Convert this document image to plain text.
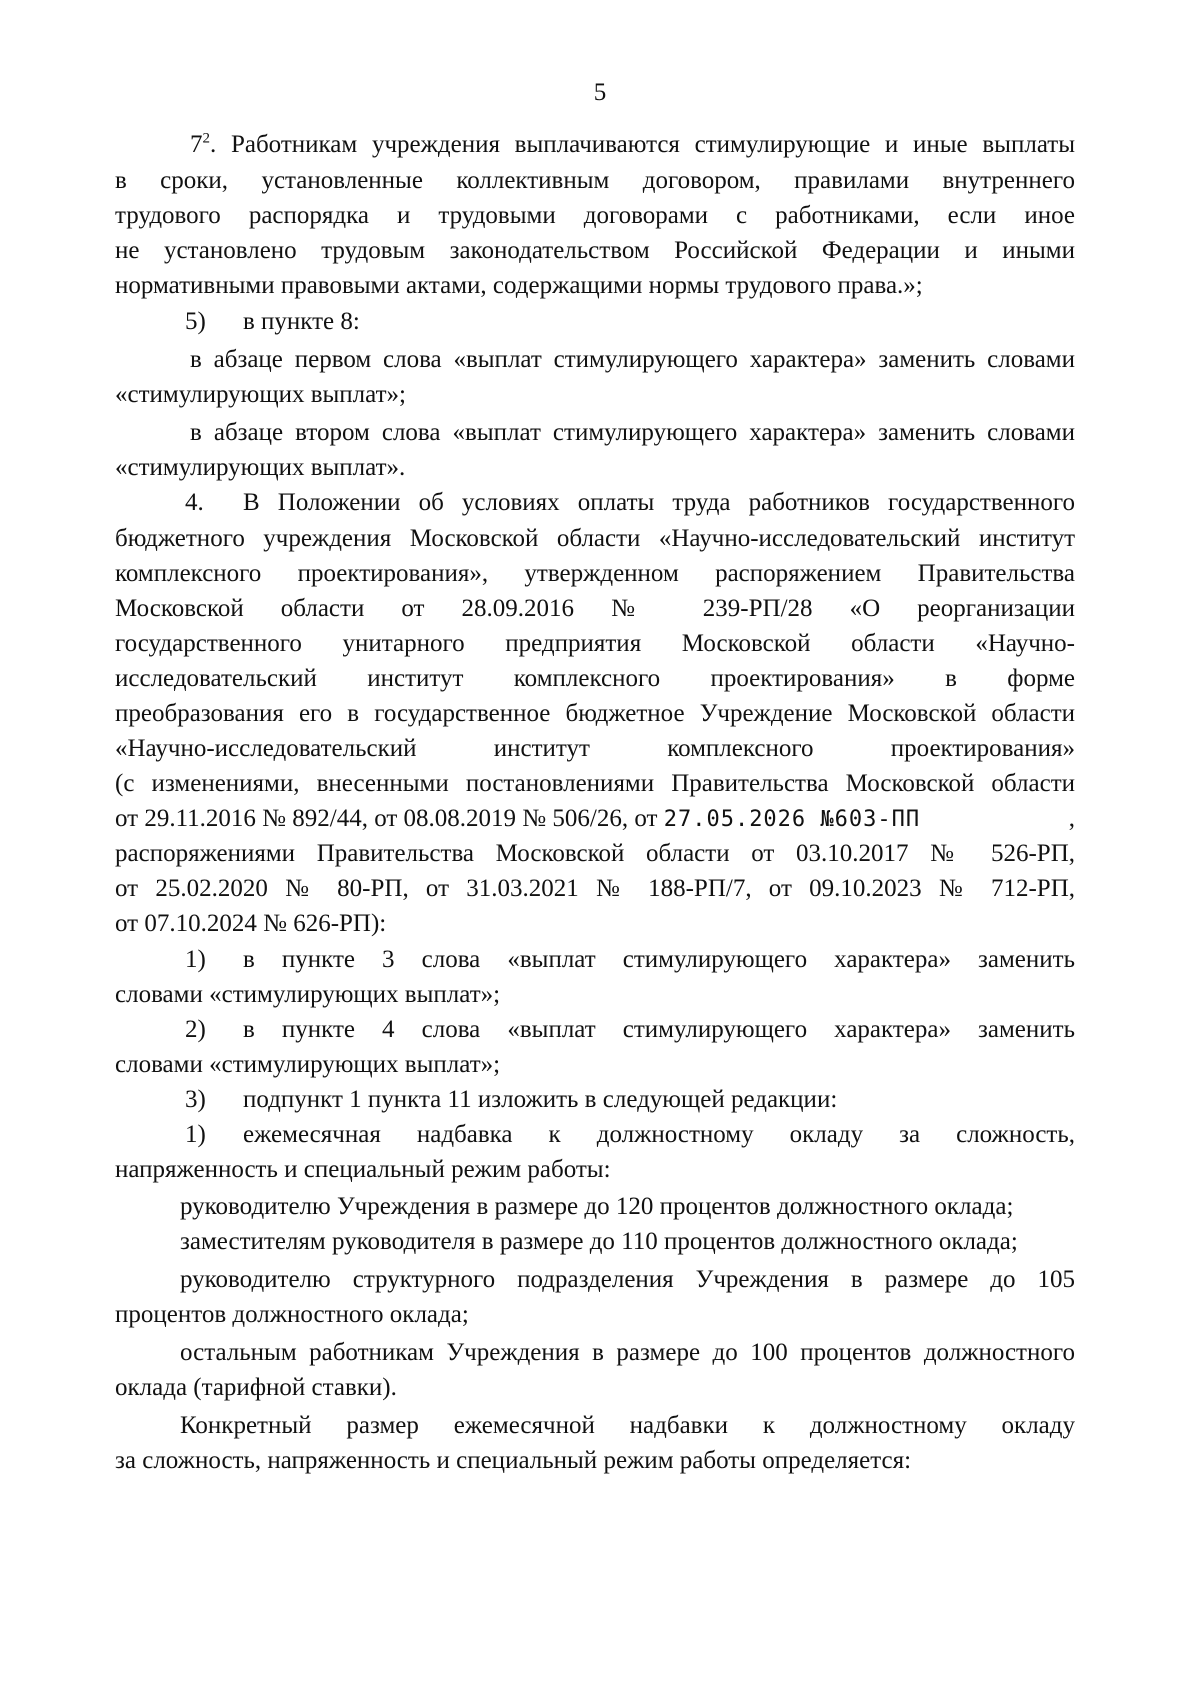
5
$7^2$. Работникам учреждения выплачиваются стимулирующие и иные выплаты
в сроки, установленные коллективным договором, правилами внутреннего
трудового распорядка и трудовыми договорами с работниками, если иное
не установлено трудовым законодательством Российской Федерации и иными
нормативными правовыми актами, содержащими нормы трудового права.»;
5) в пункте 8:
в абзаце первом слова «выплат стимулирующего характера» заменить словами
«стимулирующих выплат»;
в абзаце втором слова «выплат стимулирующего характера» заменить словами
«стимулирующих выплат».
4. В Положении об условиях оплаты труда работников государственного
бюджетного учреждения Московской области «Научно-исследовательский институт
комплексного проектирования», утвержденном распоряжением Правительства
Московской области от 28.09.2016 № 239-РП/28 «О реорганизации
государственного унитарного предприятия Московской области «Научно-
исследовательский институт комплексного проектирования» в форме
преобразования его в государственное бюджетное Учреждение Московской области
«Научно-исследовательский институт комплексного проектирования»
(с изменениями, внесенными постановлениями Правительства Московской области
от 29.11.2016 № 892/44, от 08.08.2019 № 506/26, от 27.05.2026 №603-ПП	,
распоряжениями Правительства Московской области от 03.10.2017 № 526-РП,
от 25.02.2020 № 80-РП, от 31.03.2021 № 188-РП/7, от 09.10.2023 № 712-РП,
от 07.10.2024 № 626-РП):
1) в пункте 3 слова «выплат стимулирующего характера» заменить
словами «стимулирующих выплат»;
2) в пункте 4 слова «выплат стимулирующего характера» заменить
словами «стимулирующих выплат»;
3) подпункт 1 пункта 11 изложить в следующей редакции:
1) ежемесячная надбавка к должностному окладу за сложность,
напряженность и специальный режим работы:
руководителю Учреждения в размере до 120 процентов должностного оклада;
заместителям руководителя в размере до 110 процентов должностного оклада;
руководителю структурного подразделения Учреждения в размере до 105
процентов должностного оклада;
остальным работникам Учреждения в размере до 100 процентов должностного
оклада (тарифной ставки).
Конкретный размер ежемесячной надбавки к должностному окладу
за сложность, напряженность и специальный режим работы определяется:
